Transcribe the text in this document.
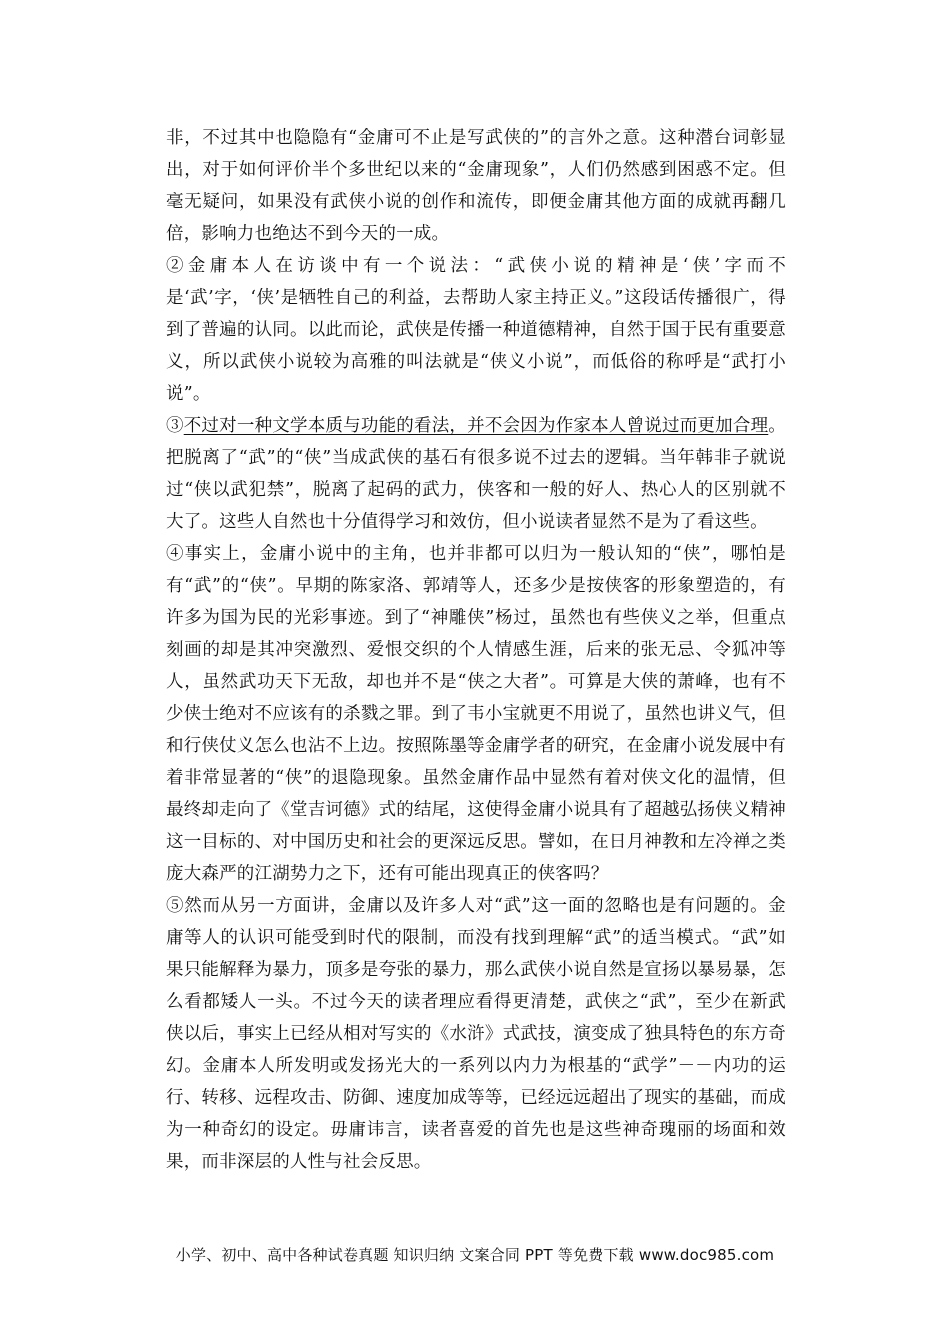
非，不过其中也隐隐有“金庸可不止是写武侠的”的言外之意。这种潜台词彰显出，对于如何评价半个多世纪以来的“金庸现象”，人们仍然感到困惑不定。但毫无疑问，如果没有武侠小说的创作和流传，即便金庸其他方面的成就再翻几倍，影响力也绝达不到今天的一成。

②金庸本人在访谈中有一个说法：“武侠小说的精神是‘侠’字而不是‘武’字，‘侠’是牺牲自己的利益，去帮助人家主持正义。”这段话传播很广，得到了普遍的认同。以此而论，武侠是传播一种道德精神，自然于国于民有重要意义，所以武侠小说较为高雅的叫法就是“侠义小说”，而低俗的称呼是“武打小说”。

③不过对一种文学本质与功能的看法，并不会因为作家本人曾说过而更加合理。把脱离了“武”的“侠”当成武侠的基石有很多说不过去的逻辑。当年韩非子就说过“侠以武犯禁”，脱离了起码的武力，侠客和一般的好人、热心人的区别就不大了。这些人自然也十分值得学习和效仿，但小说读者显然不是为了看这些。

④事实上，金庸小说中的主角，也并非都可以归为一般认知的“侠”，哪怕是有“武”的“侠”。早期的陈家洛、郭靖等人，还多少是按侠客的形象塑造的，有许多为国为民的光彩事迹。到了“神雕侠”杨过，虽然也有些侠义之举，但重点刻画的却是其冲突激烈、爱恨交织的个人情感生涯，后来的张无忌、令狐冲等人，虽然武功天下无敌，却也并不是“侠之大者”。可算是大侠的萧峰，也有不少侠士绝对不应该有的杀戮之罪。到了韦小宝就更不用说了，虽然也讲义气，但和行侠仗义怎么也沾不上边。按照陈墨等金庸学者的研究，在金庸小说发展中有着非常显著的“侠”的退隐现象。虽然金庸作品中显然有着对侠文化的温情，但最终却走向了《堂吉诃德》式的结尾，这使得金庸小说具有了超越弘扬侠义精神这一目标的、对中国历史和社会的更深远反思。譬如，在日月神教和左冷禅之类庞大森严的江湖势力之下，还有可能出现真正的侠客吗？

⑤然而从另一方面讲，金庸以及许多人对“武”这一面的忽略也是有问题的。金庸等人的认识可能受到时代的限制，而没有找到理解“武”的适当模式。“武”如果只能解释为暴力，顶多是夸张的暴力，那么武侠小说自然是宣扬以暴易暴，怎么看都矮人一头。不过今天的读者理应看得更清楚，武侠之“武”，至少在新武侠以后，事实上已经从相对写实的《水浒》式武技，演变成了独具特色的东方奇幻。金庸本人所发明或发扬光大的一系列以内力为根基的“武学”－－内功的运行、转移、远程攻击、防御、速度加成等等，已经远远超出了现实的基础，而成为一种奇幻的设定。毋庸讳言，读者喜爱的首先也是这些神奇瑰丽的场面和效果，而非深层的人性与社会反思。

小学、初中、高中各种试卷真题 知识归纳 文案合同 PPT 等免费下载 www.doc985.com
